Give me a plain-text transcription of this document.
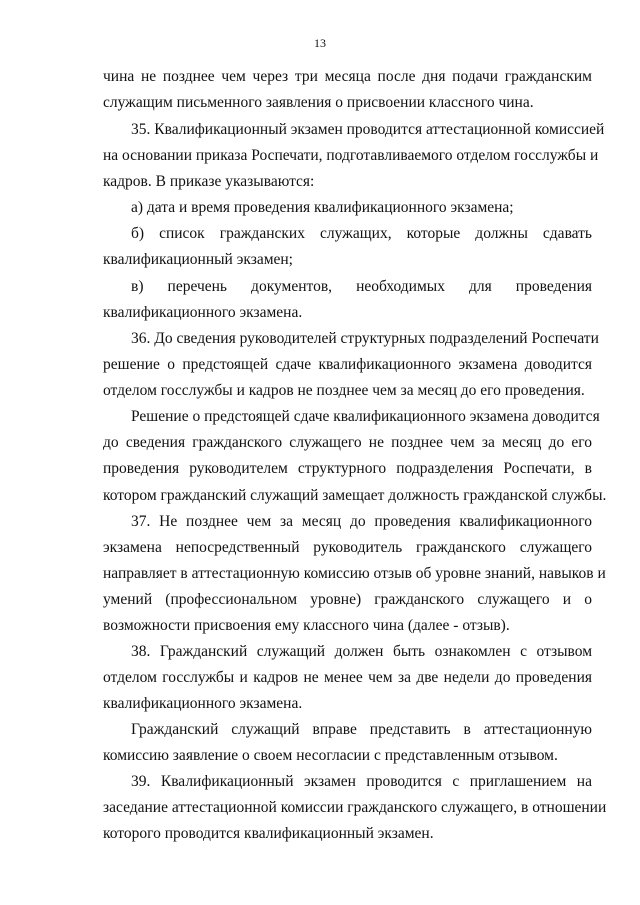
13
чина не позднее чем через три месяца после дня подачи гражданским
служащим письменного заявления о присвоении классного чина.
35. Квалификационный экзамен проводится аттестационной комиссией
на основании приказа Роспечати, подготавливаемого отделом госслужбы и
кадров. В приказе указываются:
а) дата и время проведения квалификационного экзамена;
б) список гражданских служащих, которые должны сдавать
квалификационный экзамен;
в) перечень документов, необходимых для проведения
квалификационного экзамена.
36. До сведения руководителей структурных подразделений Роспечати
решение о предстоящей сдаче квалификационного экзамена доводится
отделом госслужбы и кадров не позднее чем за месяц до его проведения.
Решение о предстоящей сдаче квалификационного экзамена доводится
до сведения гражданского служащего не позднее чем за месяц до его
проведения руководителем структурного подразделения Роспечати, в
котором гражданский служащий замещает должность гражданской службы.
37. Не позднее чем за месяц до проведения квалификационного
экзамена непосредственный руководитель гражданского служащего
направляет в аттестационную комиссию отзыв об уровне знаний, навыков и
умений (профессиональном уровне) гражданского служащего и о
возможности присвоения ему классного чина (далее - отзыв).
38. Гражданский служащий должен быть ознакомлен с отзывом
отделом госслужбы и кадров не менее чем за две недели до проведения
квалификационного экзамена.
Гражданский служащий вправе представить в аттестационную
комиссию заявление о своем несогласии с представленным отзывом.
39. Квалификационный экзамен проводится с приглашением на
заседание аттестационной комиссии гражданского служащего, в отношении
которого проводится квалификационный экзамен.
